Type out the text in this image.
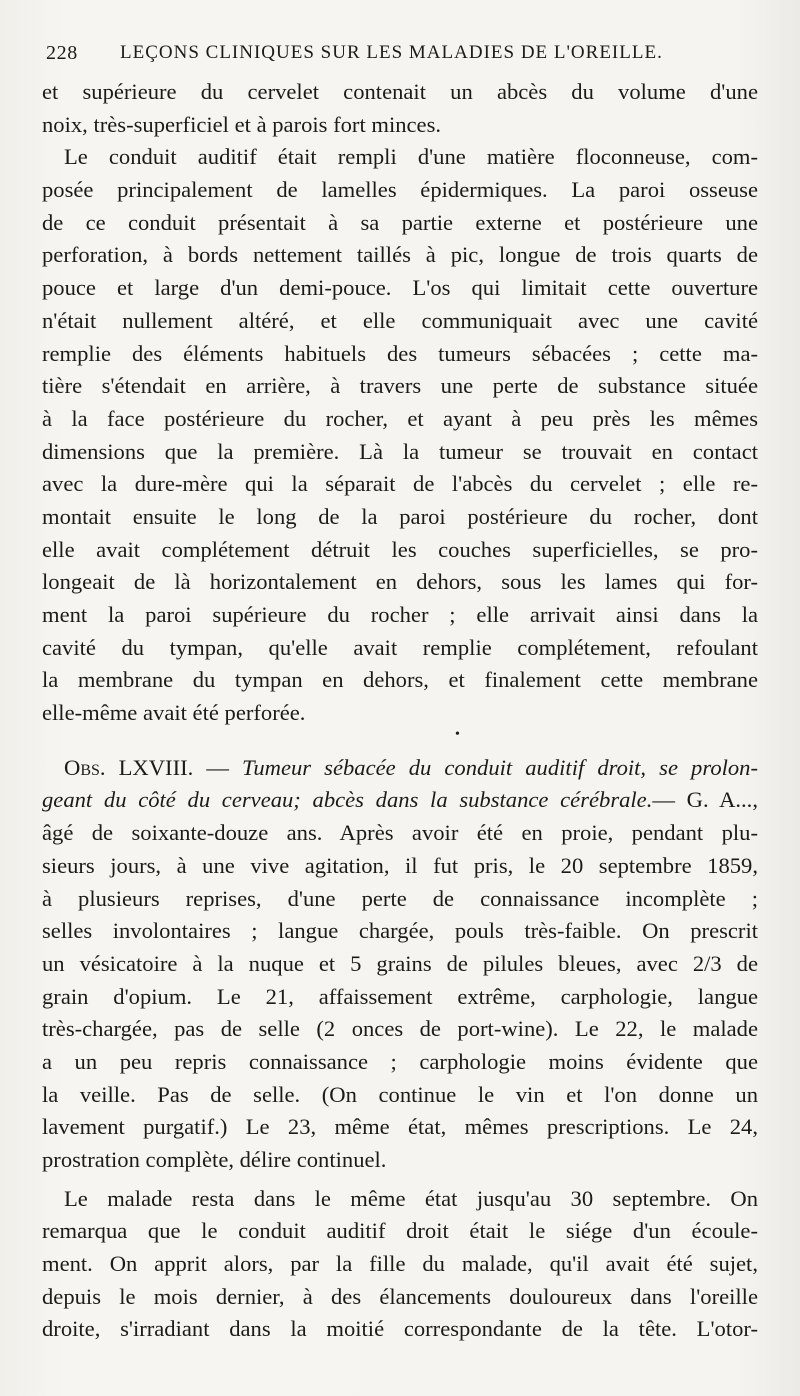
228 LEÇONS CLINIQUES SUR LES MALADIES DE L'OREILLE.
et supérieure du cervelet contenait un abcès du volume d'une
noix, très-superficiel et à parois fort minces.
Le conduit auditif était rempli d'une matière floconneuse, com-
posée principalement de lamelles épidermiques. La paroi osseuse
de ce conduit présentait à sa partie externe et postérieure une
perforation, à bords nettement taillés à pic, longue de trois quarts de
pouce et large d'un demi-pouce. L'os qui limitait cette ouverture
n'était nullement altéré, et elle communiquait avec une cavité
remplie des éléments habituels des tumeurs sébacées ; cette ma-
tière s'étendait en arrière, à travers une perte de substance située
à la face postérieure du rocher, et ayant à peu près les mêmes
dimensions que la première. Là la tumeur se trouvait en contact
avec la dure-mère qui la séparait de l'abcès du cervelet ; elle re-
montait ensuite le long de la paroi postérieure du rocher, dont
elle avait complétement détruit les couches superficielles, se pro-
longeait de là horizontalement en dehors, sous les lames qui for-
ment la paroi supérieure du rocher ; elle arrivait ainsi dans la
cavité du tympan, qu'elle avait remplie complétement, refoulant
la membrane du tympan en dehors, et finalement cette membrane
elle-même avait été perforée.
•
Obs. LXVIII. — Tumeur sébacée du conduit auditif droit, se prolon-
geant du côté du cerveau; abcès dans la substance cérébrale.— G. A...,
âgé de soixante-douze ans. Après avoir été en proie, pendant plu-
sieurs jours, à une vive agitation, il fut pris, le 20 septembre 1859,
à plusieurs reprises, d'une perte de connaissance incomplète ;
selles involontaires ; langue chargée, pouls très-faible. On prescrit
un vésicatoire à la nuque et 5 grains de pilules bleues, avec 2/3 de
grain d'opium. Le 21, affaissement extrême, carphologie, langue
très-chargée, pas de selle (2 onces de port-wine). Le 22, le malade
a un peu repris connaissance ; carphologie moins évidente que
la veille. Pas de selle. (On continue le vin et l'on donne un
lavement purgatif.) Le 23, même état, mêmes prescriptions. Le 24,
prostration complète, délire continuel.
Le malade resta dans le même état jusqu'au 30 septembre. On
remarqua que le conduit auditif droit était le siége d'un écoule-
ment. On apprit alors, par la fille du malade, qu'il avait été sujet,
depuis le mois dernier, à des élancements douloureux dans l'oreille
droite, s'irradiant dans la moitié correspondante de la tête. L'otor-
